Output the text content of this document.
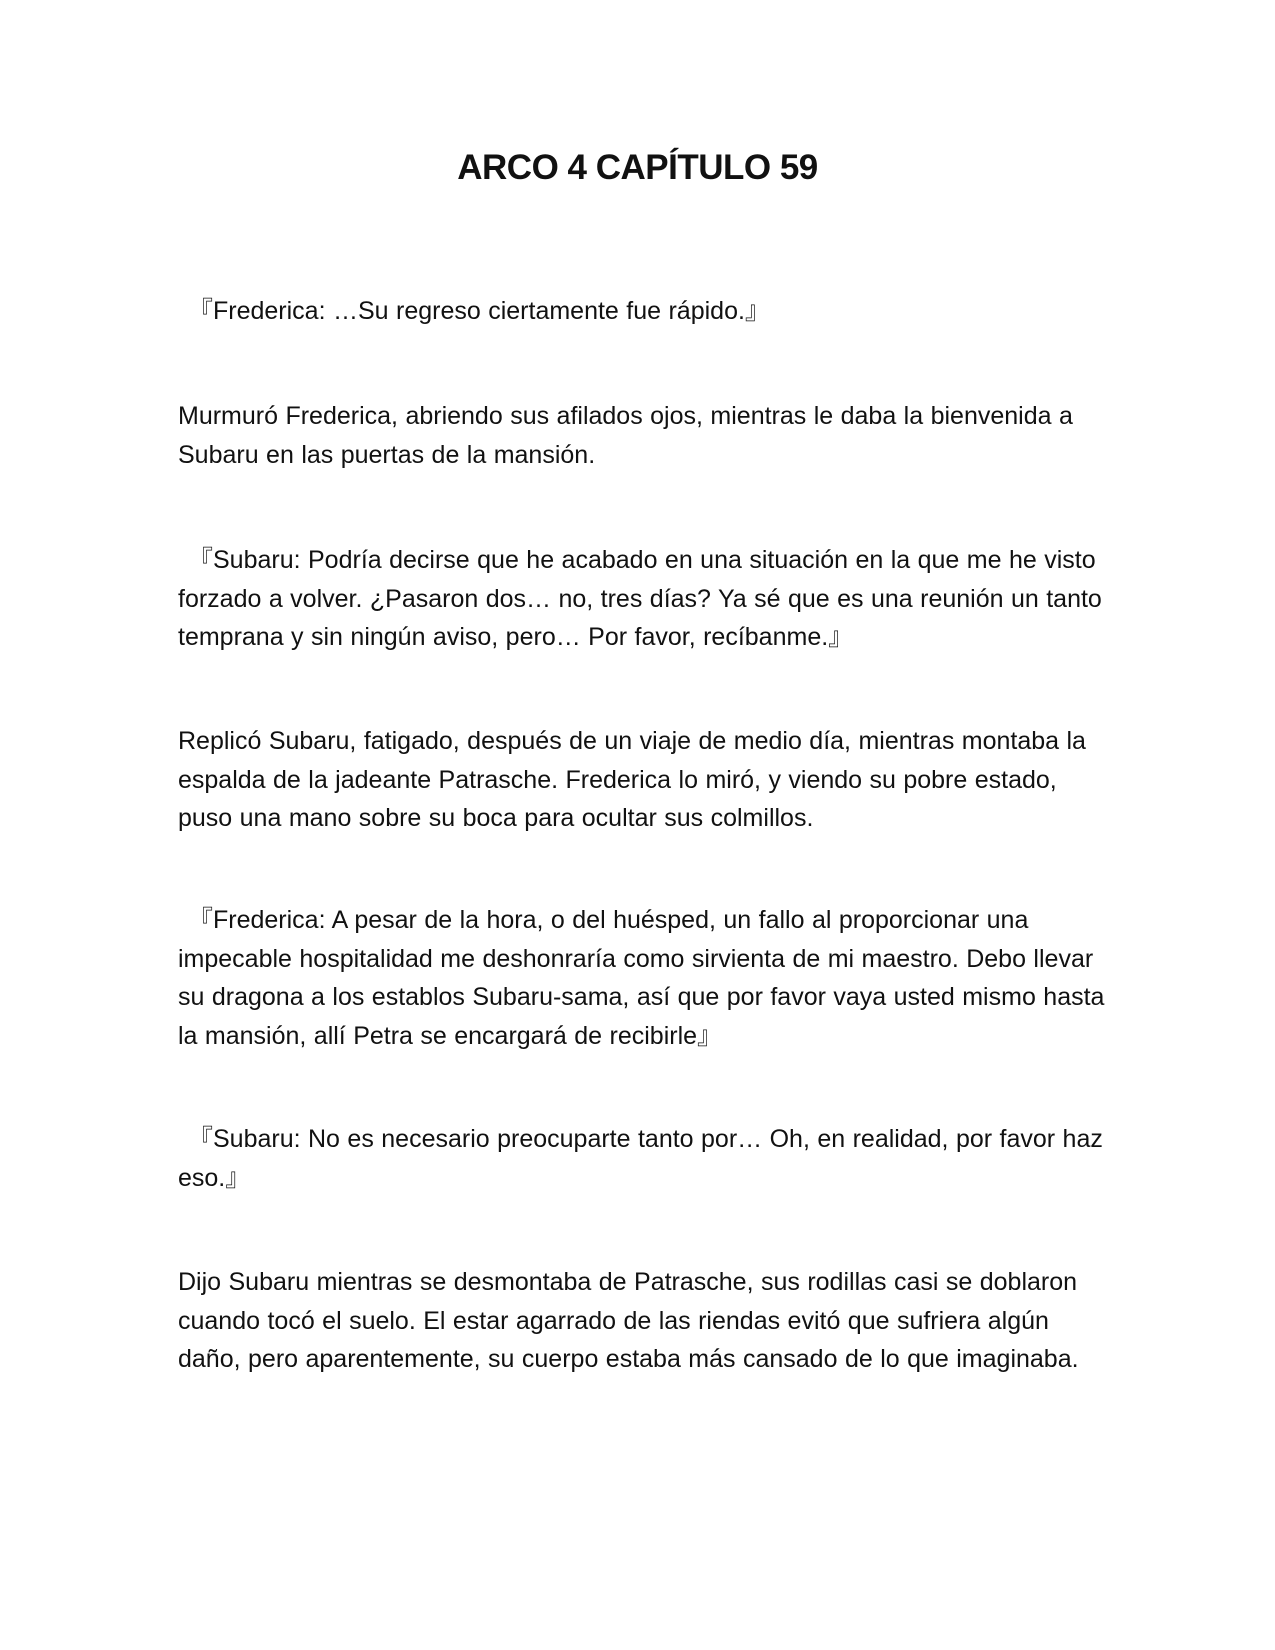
ARCO 4 CAPÍTULO 59

『Frederica: …Su regreso ciertamente fue rápido.』

Murmuró Frederica, abriendo sus afilados ojos, mientras le daba la bienvenida a Subaru en las puertas de la mansión.

『Subaru: Podría decirse que he acabado en una situación en la que me he visto forzado a volver. ¿Pasaron dos… no, tres días? Ya sé que es una reunión un tanto temprana y sin ningún aviso, pero… Por favor, recíbanme.』

Replicó Subaru, fatigado, después de un viaje de medio día, mientras montaba la espalda de la jadeante Patrasche. Frederica lo miró, y viendo su pobre estado, puso una mano sobre su boca para ocultar sus colmillos.

『Frederica: A pesar de la hora, o del huésped, un fallo al proporcionar una impecable hospitalidad me deshonraría como sirvienta de mi maestro. Debo llevar su dragona a los establos Subaru-sama, así que por favor vaya usted mismo hasta la mansión, allí Petra se encargará de recibirle』

『Subaru: No es necesario preocuparte tanto por… Oh, en realidad, por favor haz eso.』

Dijo Subaru mientras se desmontaba de Patrasche, sus rodillas casi se doblaron cuando tocó el suelo. El estar agarrado de las riendas evitó que sufriera algún daño, pero aparentemente, su cuerpo estaba más cansado de lo que imaginaba.
